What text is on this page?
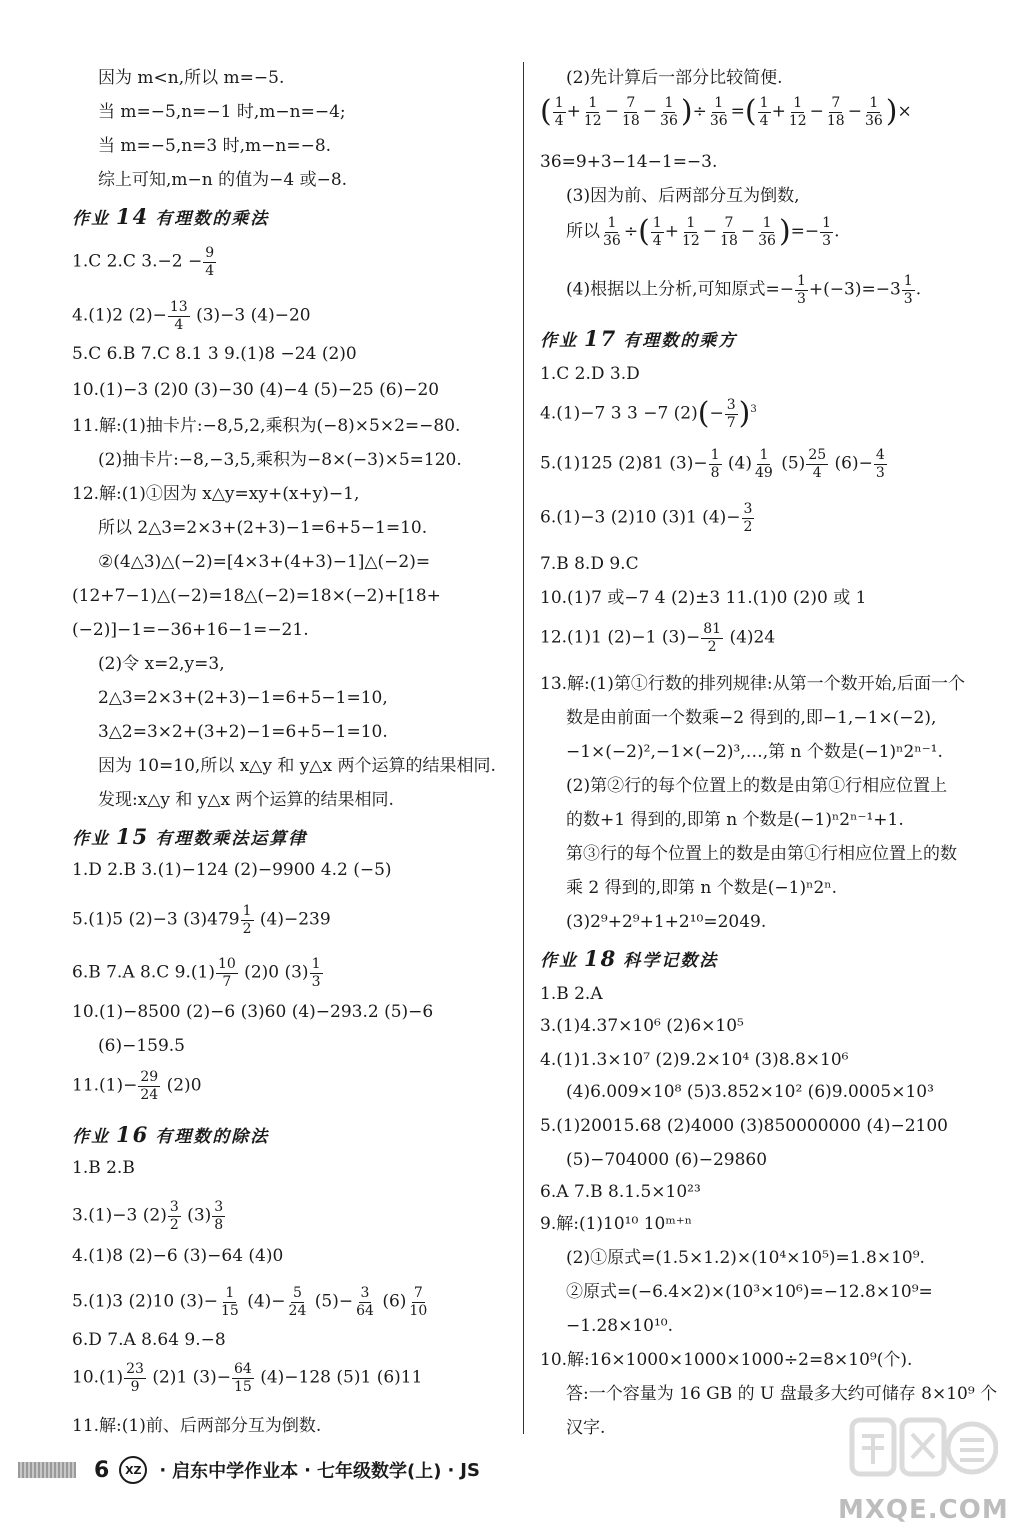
因为 m<n,所以 m=−5.
当 m=−5,n=−1 时,m−n=−4;
当 m=−5,n=3 时,m−n=−8.
综上可知,m−n 的值为−4 或−8.
作业 14 有理数的乘法
1.C 2.C $3.-2 - \frac{9}{4}$
4.(1)2 $(2)- \frac{13}{4} (3)-3$ (4)−20
5.C 6.B 7.C 8.1 3 9.(1)8 −24 (2)0
10.(1)−3 (2)0 (3)−30 (4)−4 (5)−25 (6)−20
11.解:(1)抽卡片:−8,5,2,乘积为(−8)×5×2=−80.
(2)抽卡片:−8,−3,5,乘积为−8×(−3)×5=120.
12.解:(1)①因为 x△y=xy+(x+y)−1,
所以 2△3=2×3+(2+3)−1=6+5−1=10.
②(4△3)△(−2)=[4×3+(4+3)−1]△(−2)=
(12+7−1)△(−2)=18△(−2)=18×(−2)+[18+
(−2)]−1=−36+16−1=−21.
(2)令 x=2,y=3,
2△3=2×3+(2+3)−1=6+5−1=10,
3△2=3×2+(3+2)−1=6+5−1=10.
因为 10=10,所以 x△y 和 y△x 两个运算的结果相同.
发现:x△y 和 y△x 两个运算的结果相同.
作业 15 有理数乘法运算律
1.D 2.B 3.(1)−124 (2)−9900 4.2 (−5)
5.(1)5 (2)−3 $(3)479 \frac{1}{2} (4)-239$
6.B 7.A 8.C $9.(1) \frac{10}{7} (2)0$ $(3) \frac{1}{3}$
10.(1)−8500 (2)−6 (3)60 (4)−293.2 (5)−6
(6)−159.5
$11.(1)- \frac{29}{24} (2)0$
作业 16 有理数的除法
1.B 2.B
3.(1)−3 $(2) \frac{3}{2} (3) \frac{3}{8}$
4.(1)8 (2)−6 (3)−64 (4)0
5.(1)3 (2)10 $(3)- \frac{1}{15} (4)- \frac{5}{24} (5)- \frac{3}{64} (6) \frac{7}{10}$
6.D 7.A 8.64 9.−8
$10.(1) \frac{23}{9} (2)1$ $(3)- \frac{64}{15} (4)-128$ (5)1 (6)11
11.解:(1)前、后两部分互为倒数.
(2)先计算后一部分比较简便.
( $\frac{1}{4} + \frac{1}{12} - \frac{7}{18} - \frac{1}{36}$ )÷ $\frac{1}{36}$ =( $\frac{1}{4} + \frac{1}{12} - \frac{7}{18} - \frac{1}{36}$ )×
36=9+3−14−1=−3.
(3)因为前、后两部分互为倒数,
所以 $\frac{1}{36}$ ÷( $\frac{1}{4} + \frac{1}{12} - \frac{7}{18} - \frac{1}{36}$ )=− $\frac{1}{3}$ .
(4)根据以上分析,可知原式=− $\frac{1}{3} +(-3)=-3 \frac{1}{3}$ .
作业 17 有理数的乘方
1.C 2.D 3.D
4.(1)−7 3 3 −7 $(2)(- \frac{3}{7} )^3$
5.(1)125 (2)81 $(3)- \frac{1}{8} (4) \frac{1}{49} (5) \frac{25}{4} (6)- \frac{4}{3}$
6.(1)−3 (2)10 (3)1 $(4)- \frac{3}{2}$
7.B 8.D 9.C
10.(1)7 或−7 4 (2)±3 11.(1)0 (2)0 或 1
12.(1)1 (2)−1 $(3)- \frac{81}{2} (4)24$
13.解:(1)第①行数的排列规律:从第一个数开始,后面一个
数是由前面一个数乘−2 得到的,即−1,−1×(−2),
−1×(−2)²,−1×(−2)³,…,第 n 个数是(−1)ⁿ2ⁿ⁻¹.
(2)第②行的每个位置上的数是由第①行相应位置上
的数+1 得到的,即第 n 个数是(−1)ⁿ2ⁿ⁻¹+1.
第③行的每个位置上的数是由第①行相应位置上的数
乘 2 得到的,即第 n 个数是(−1)ⁿ2ⁿ.
(3)2⁹+2⁹+1+2¹⁰=2049.
作业 18 科学记数法
1.B 2.A
3.(1)4.37×10⁶ (2)6×10⁵
4.(1)1.3×10⁷ (2)9.2×10⁴ (3)8.8×10⁶
(4)6.009×10⁸ (5)3.852×10² (6)9.0005×10³
5.(1)20015.68 (2)4000 (3)850000000 (4)−2100
(5)−704000 (6)−29860
6.A 7.B 8.1.5×10²³
9.解:(1)10¹⁰ 10ᵐ⁺ⁿ
(2)①原式=(1.5×1.2)×(10⁴×10⁵)=1.8×10⁹.
②原式=(−6.4×2)×(10³×10⁶)=−12.8×10⁹=
−1.28×10¹⁰.
10.解:16×1000×1000×1000÷2=8×10⁹(个).
答:一个容量为 16 GB 的 U 盘最多大约可储存 8×10⁹ 个
汉字.
6	XZ · 启东中学作业本 · 七年级数学(上) · JS
MXQE.COM
